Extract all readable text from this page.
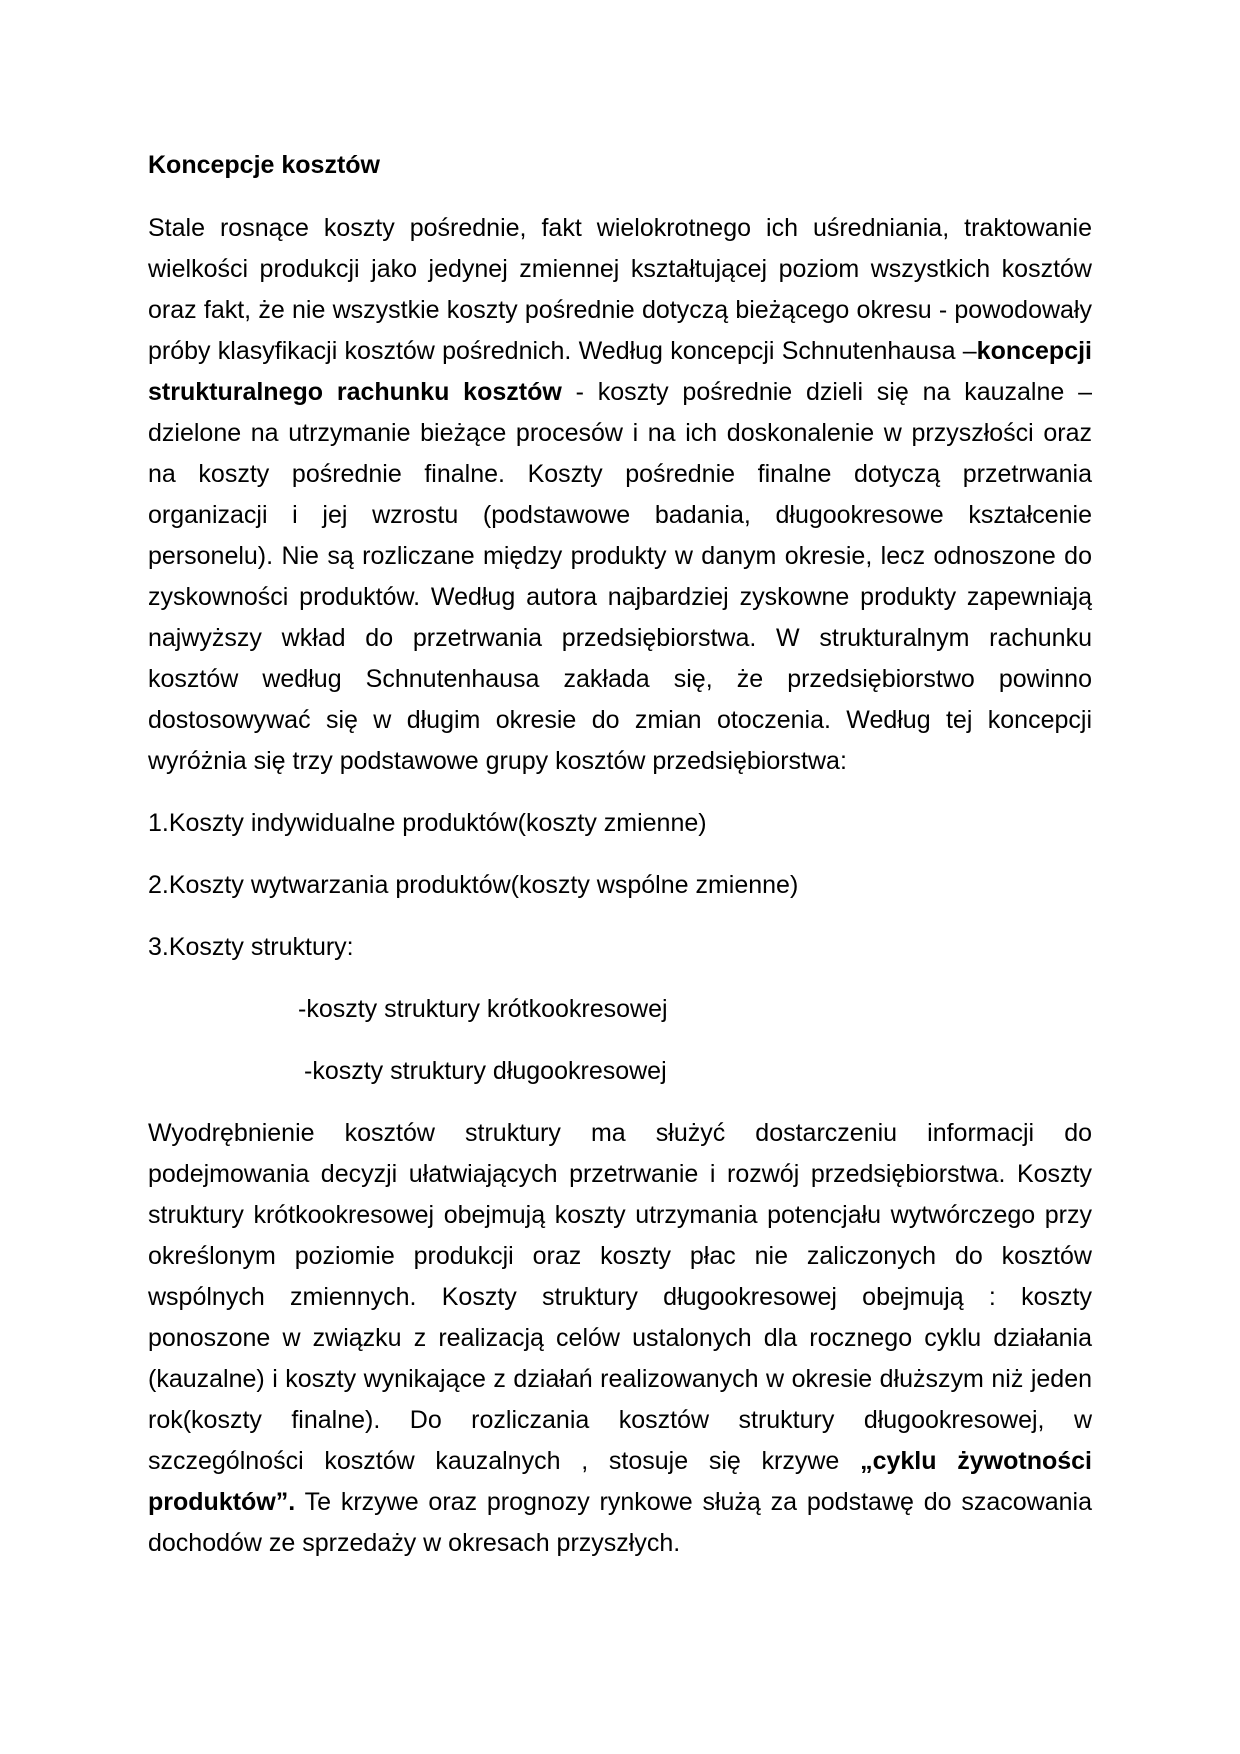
Koncepcje kosztów

Stale rosnące koszty pośrednie, fakt wielokrotnego ich uśredniania, traktowanie wielkości produkcji jako jedynej zmiennej kształtującej poziom wszystkich kosztów oraz fakt, że nie wszystkie koszty pośrednie dotyczą bieżącego okresu - powodowały próby klasyfikacji kosztów pośrednich. Według koncepcji Schnutenhausa –koncepcji strukturalnego rachunku kosztów - koszty pośrednie dzieli się na kauzalne – dzielone na utrzymanie bieżące procesów i na ich doskonalenie w przyszłości oraz na koszty pośrednie finalne. Koszty pośrednie finalne dotyczą przetrwania organizacji i jej wzrostu (podstawowe badania, długookresowe kształcenie personelu). Nie są rozliczane między produkty w danym okresie, lecz odnoszone do zyskowności produktów. Według autora najbardziej zyskowne produkty zapewniają najwyższy wkład do przetrwania przedsiębiorstwa. W strukturalnym rachunku kosztów według Schnutenhausa zakłada się, że przedsiębiorstwo powinno dostosowywać się w długim okresie do zmian otoczenia. Według tej koncepcji wyróżnia się trzy podstawowe grupy kosztów przedsiębiorstwa:

1.Koszty indywidualne produktów(koszty zmienne)
2.Koszty wytwarzania produktów(koszty wspólne zmienne)
3.Koszty struktury:
-koszty struktury krótkookresowej
-koszty struktury długookresowej

Wyodrębnienie kosztów struktury ma służyć dostarczeniu informacji do podejmowania decyzji ułatwiających przetrwanie i rozwój przedsiębiorstwa. Koszty struktury krótkookresowej obejmują koszty utrzymania potencjału wytwórczego przy określonym poziomie produkcji oraz koszty płac nie zaliczonych do kosztów wspólnych zmiennych. Koszty struktury długookresowej obejmują : koszty ponoszone w związku z realizacją celów ustalonych dla rocznego cyklu działania (kauzalne) i koszty wynikające z działań realizowanych w okresie dłuższym niż jeden rok(koszty finalne). Do rozliczania kosztów struktury długookresowej, w szczególności kosztów kauzalnych , stosuje się krzywe „cyklu żywotności produktów”. Te krzywe oraz prognozy rynkowe służą za podstawę do szacowania dochodów ze sprzedaży w okresach przyszłych.
